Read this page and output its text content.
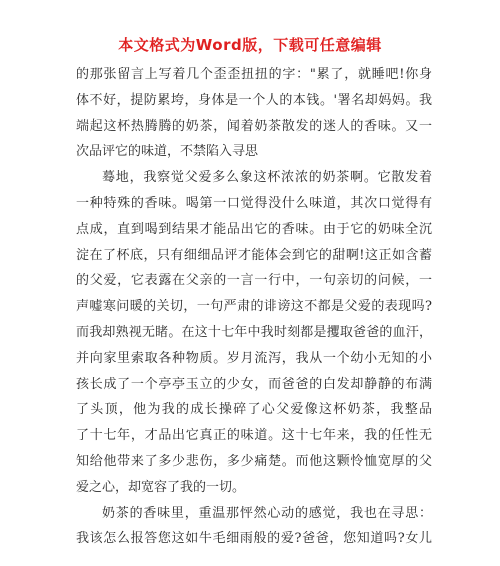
本文格式为Word版，下载可任意编辑
的那张留言上写着几个歪歪扭扭的字："累了，就睡吧!你身
体不好，提防累垮，身体是一个人的本钱。'署名却妈妈。我
端起这杯热腾腾的奶茶，闻着奶茶散发的迷人的香味。又一
次品评它的味道，不禁陷入寻思
蓦地，我察觉父爱多么象这杯浓浓的奶茶啊。它散发着
一种特殊的香味。喝第一口觉得没什么味道，其次口觉得有
点成，直到喝到结果才能品出它的香味。由于它的奶味全沉
淀在了杯底，只有细细品评才能体会到它的甜啊!这正如含蓄
的父爱，它表露在父亲的一言一行中，一句亲切的问候，一
声嘘寒问暖的关切，一句严肃的诽谤这不都是父爱的表现吗?
而我却熟视无睹。在这十七年中我时刻都是攫取爸爸的血汗，
并向家里索取各种物质。岁月流泻，我从一个幼小无知的小
孩长成了一个亭亭玉立的少女，而爸爸的白发却静静的布满
了头顶，他为我的成长操碎了心父爱像这杯奶茶，我整品
了十七年，才品出它真正的味道。这十七年来，我的任性无
知给他带来了多少悲伤，多少痛楚。而他这颗怜恤宽厚的父
爱之心，却宽容了我的一切。
奶茶的香味里，重温那怦然心动的感觉，我也在寻思：
我该怎么报答您这如牛毛细雨般的爱?爸爸，您知道吗?女儿
